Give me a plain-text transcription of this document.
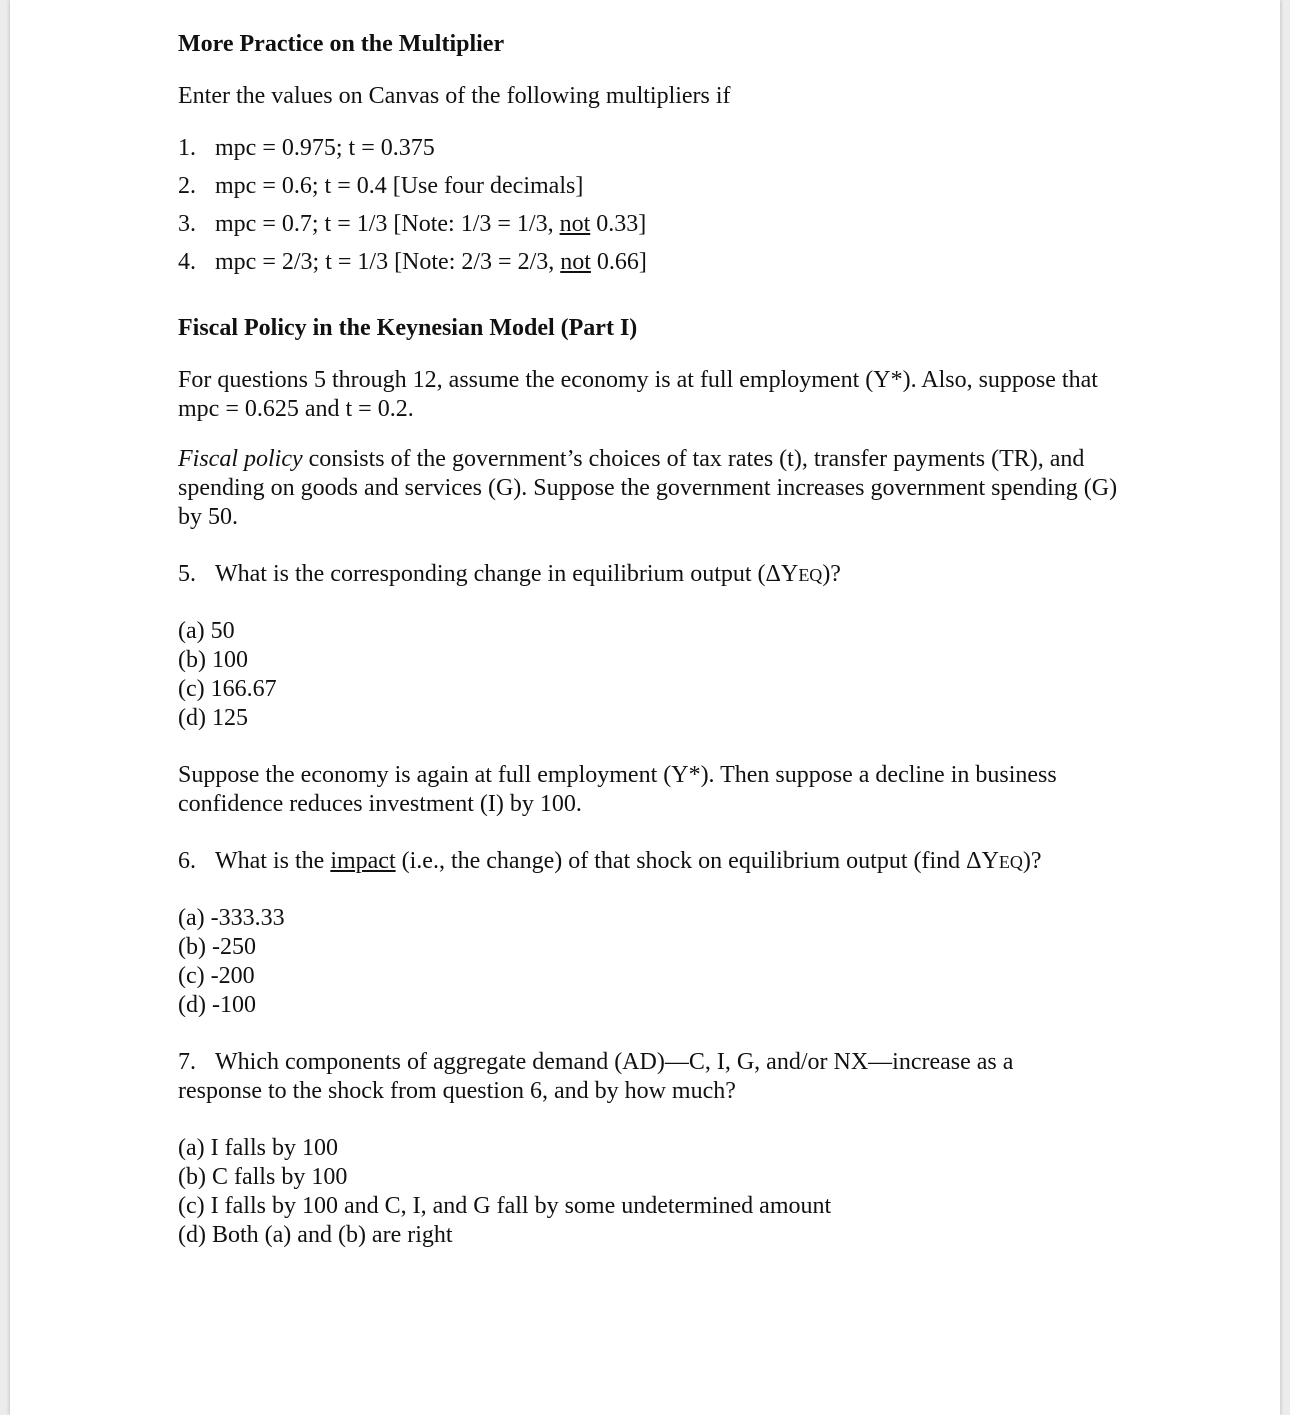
More Practice on the Multiplier

Enter the values on Canvas of the following multipliers if

1. mpc = 0.975; t = 0.375
2. mpc = 0.6; t = 0.4 [Use four decimals]
3. mpc = 0.7; t = 1/3 [Note: 1/3 = 1/3, not 0.33]
4. mpc = 2/3; t = 1/3 [Note: 2/3 = 2/3, not 0.66]
Fiscal Policy in the Keynesian Model (Part I)

For questions 5 through 12, assume the economy is at full employment (Y*). Also, suppose that mpc = 0.625 and t = 0.2.

Fiscal policy consists of the government’s choices of tax rates (t), transfer payments (TR), and spending on goods and services (G). Suppose the government increases government spending (G) by 50.

5. What is the corresponding change in equilibrium output (ΔYEQ)?
(a) 50
(b) 100
(c) 166.67
(d) 125

Suppose the economy is again at full employment (Y*). Then suppose a decline in business confidence reduces investment (I) by 100.

6. What is the impact (i.e., the change) of that shock on equilibrium output (find ΔYEQ)?
(a) -333.33
(b) -250
(c) -200
(d) -100
7. Which components of aggregate demand (AD)—C, I, G, and/or NX—increase as a
response to the shock from question 6, and by how much?
(a) I falls by 100
(b) C falls by 100
(c) I falls by 100 and C, I, and G fall by some undetermined amount
(d) Both (a) and (b) are right
